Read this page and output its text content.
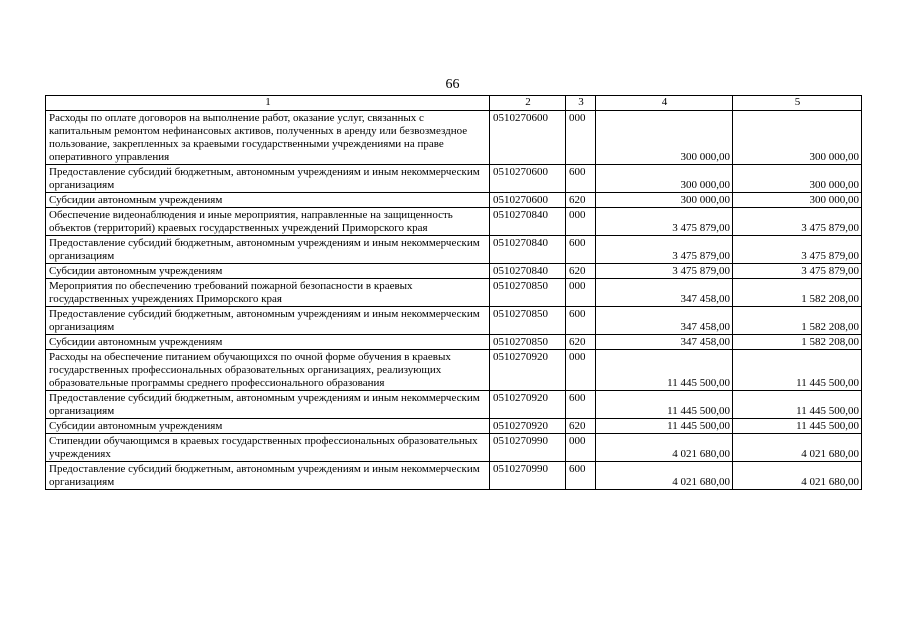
66
1	2	3	4	5
Расходы по оплате договоров на выполнение работ, оказание услуг, связанных с капитальным ремонтом нефинансовых активов, полученных в аренду или безвозмездное пользование, закрепленных за краевыми государственными учреждениями на праве оперативного управления	0510270600	000	300 000,00	300 000,00
Предоставление субсидий бюджетным, автономным учреждениям и иным некоммерческим организациям	0510270600	600	300 000,00	300 000,00
Субсидии автономным учреждениям	0510270600	620	300 000,00	300 000,00
Обеспечение видеонаблюдения и иные мероприятия, направленные на защищенность объектов (территорий) краевых государственных учреждений Приморского края	0510270840	000	3 475 879,00	3 475 879,00
Предоставление субсидий бюджетным, автономным учреждениям и иным некоммерческим организациям	0510270840	600	3 475 879,00	3 475 879,00
Субсидии автономным учреждениям	0510270840	620	3 475 879,00	3 475 879,00
Мероприятия по обеспечению требований пожарной безопасности в краевых государственных учреждениях Приморского края	0510270850	000	347 458,00	1 582 208,00
Предоставление субсидий бюджетным, автономным учреждениям и иным некоммерческим организациям	0510270850	600	347 458,00	1 582 208,00
Субсидии автономным учреждениям	0510270850	620	347 458,00	1 582 208,00
Расходы на обеспечение питанием обучающихся по очной форме обучения в краевых государственных профессиональных образовательных организациях, реализующих образовательные программы среднего профессионального образования	0510270920	000	11 445 500,00	11 445 500,00
Предоставление субсидий бюджетным, автономным учреждениям и иным некоммерческим организациям	0510270920	600	11 445 500,00	11 445 500,00
Субсидии автономным учреждениям	0510270920	620	11 445 500,00	11 445 500,00
Стипендии обучающимся в краевых государственных профессиональных образовательных учреждениях	0510270990	000	4 021 680,00	4 021 680,00
Предоставление субсидий бюджетным, автономным учреждениям и иным некоммерческим организациям	0510270990	600	4 021 680,00	4 021 680,00
